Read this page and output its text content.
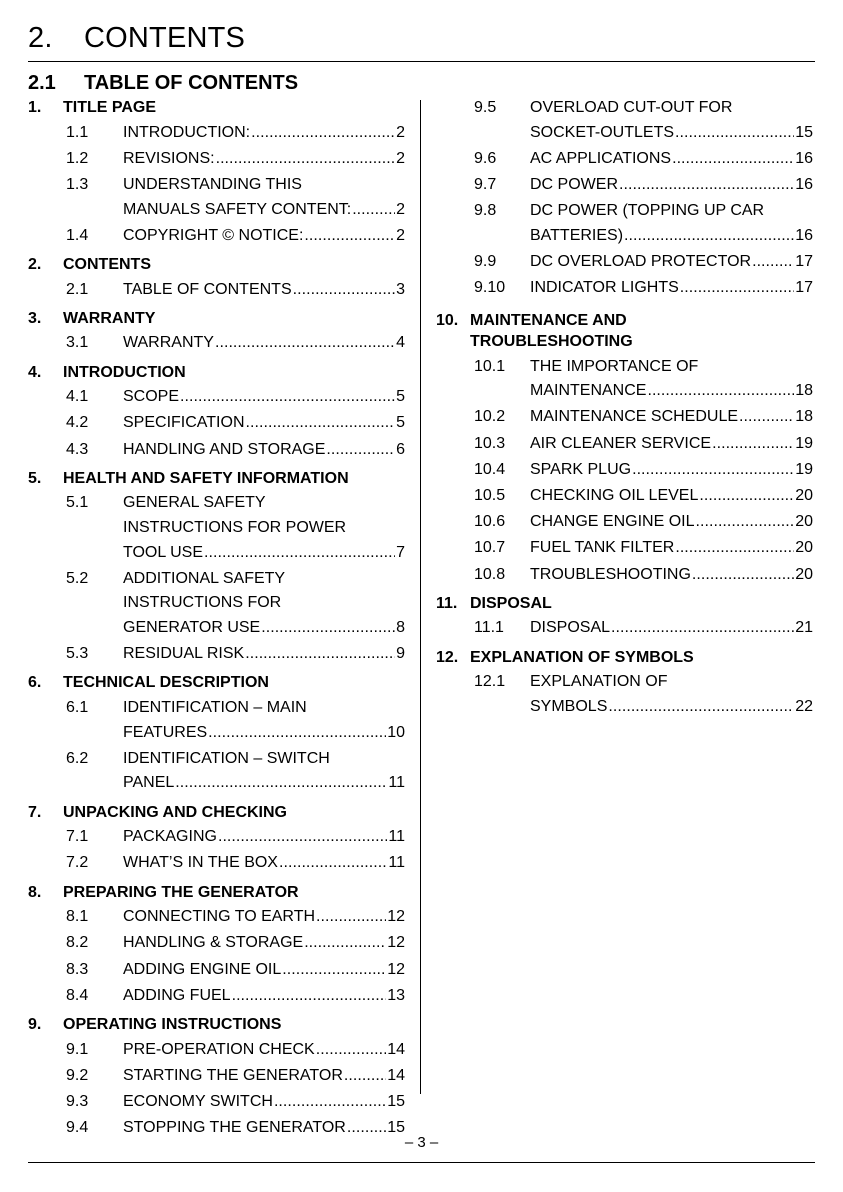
2. CONTENTS
2.1 TABLE OF CONTENTS
1. TITLE PAGE
1.1 INTRODUCTION: . . .	2
1.2 REVISIONS: . . .	2
1.3 UNDERSTANDING THIS
MANUALS SAFETY CONTENT: . . .	2
1.4 COPYRIGHT © NOTICE: . . .	2
2. CONTENTS
2.1 TABLE OF CONTENTS . . .	3
3. WARRANTY
3.1 WARRANTY . . .	4
4. INTRODUCTION
4.1 SCOPE . . .	5
4.2 SPECIFICATION . . .	5
4.3 HANDLING AND STORAGE . . .	6
5. HEALTH AND SAFETY INFORMATION
5.1 GENERAL SAFETY
INSTRUCTIONS FOR POWER
TOOL USE . . .	7
5.2 ADDITIONAL SAFETY
INSTRUCTIONS FOR
GENERATOR USE . . .	8
5.3 RESIDUAL RISK . . .	9
6. TECHNICAL DESCRIPTION
6.1 IDENTIFICATION – MAIN
FEATURES . . .	10
6.2 IDENTIFICATION – SWITCH
PANEL . . .	11
7. UNPACKING AND CHECKING
7.1 PACKAGING . . .	11
7.2 WHAT’S IN THE BOX . . .	11
8. PREPARING THE GENERATOR
8.1 CONNECTING TO EARTH . . .	12
8.2 HANDLING & STORAGE . . .	12
8.3 ADDING ENGINE OIL . . .	12
8.4 ADDING FUEL . . .	13
9. OPERATING INSTRUCTIONS
9.1 PRE-OPERATION CHECK . . .	14
9.2 STARTING THE GENERATOR . . .	14
9.3 ECONOMY SWITCH . . .	15
9.4 STOPPING THE GENERATOR . . .	15
9.5 OVERLOAD CUT-OUT FOR
SOCKET-OUTLETS . . .	15
9.6 AC APPLICATIONS . . .	16
9.7 DC POWER . . .	16
9.8 DC POWER (TOPPING UP CAR
BATTERIES) . . .	16
9.9 DC OVERLOAD PROTECTOR . . .	17
9.10 INDICATOR LIGHTS . . .	17
10. MAINTENANCE AND
TROUBLESHOOTING
10.1 THE IMPORTANCE OF
MAINTENANCE . . .	18
10.2 MAINTENANCE SCHEDULE . . .	18
10.3 AIR CLEANER SERVICE . . .	19
10.4 SPARK PLUG . . .	19
10.5 CHECKING OIL LEVEL . . .	20
10.6 CHANGE ENGINE OIL . . .	20
10.7 FUEL TANK FILTER . . .	20
10.8 TROUBLESHOOTING . . .	20
11. DISPOSAL
11.1 DISPOSAL . . .	21
12. EXPLANATION OF SYMBOLS
12.1 EXPLANATION OF
SYMBOLS . . .	22
– 3 –
